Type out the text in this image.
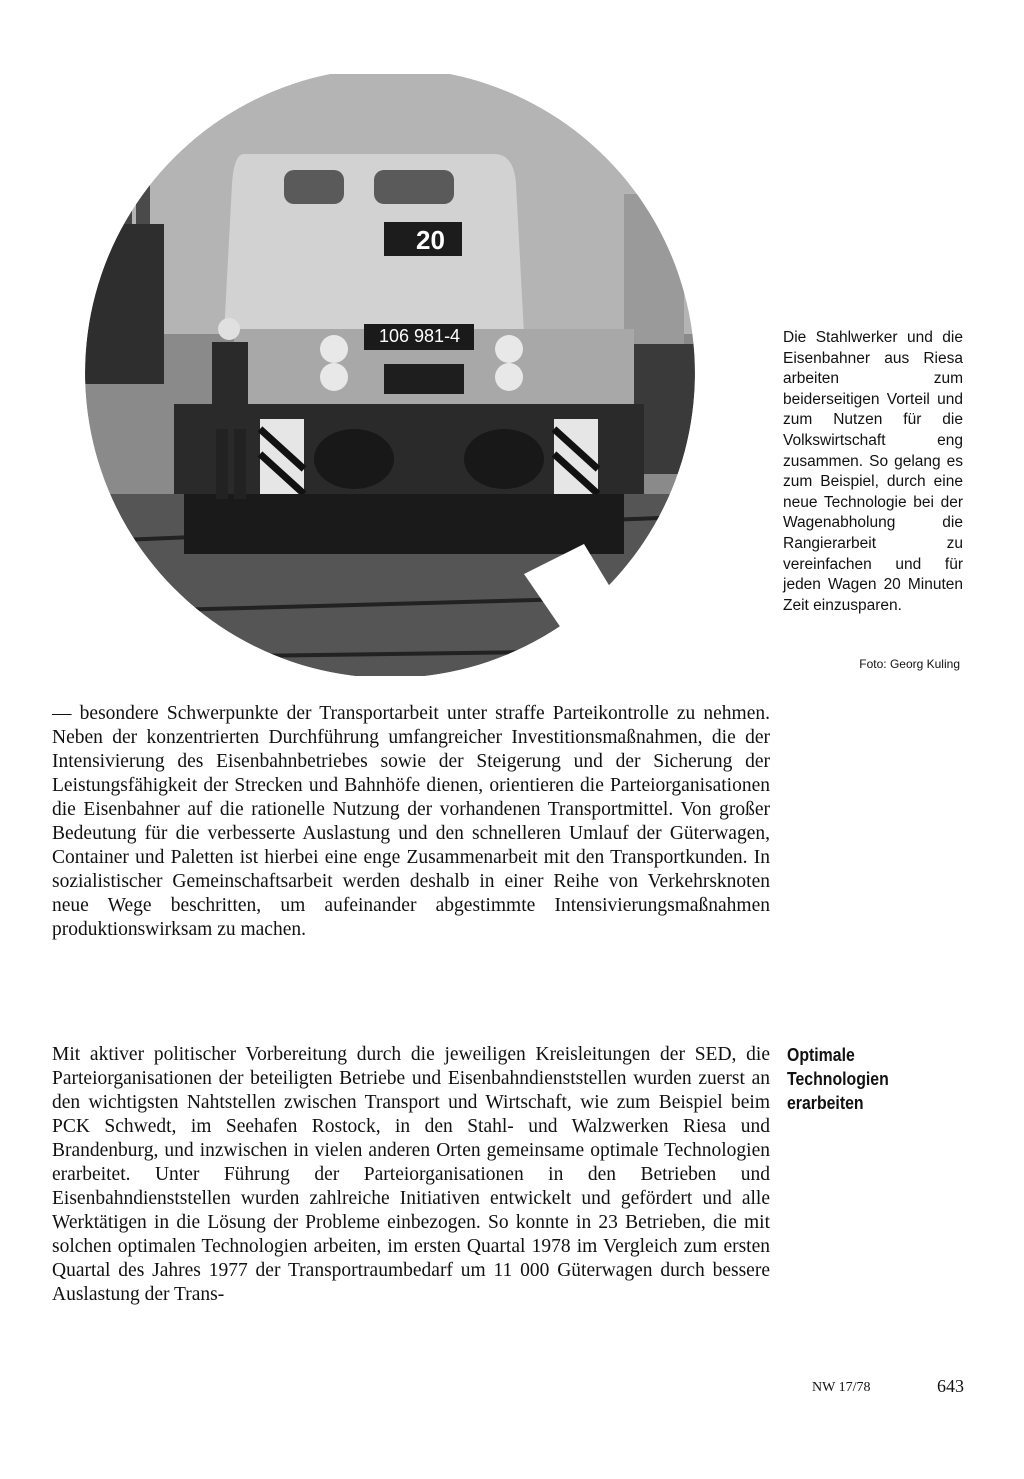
106 981-4
20

Die Stahlwerker und die Eisenbahner aus Riesa arbeiten zum beiderseitigen Vorteil und zum Nutzen für die Volkswirtschaft eng zusammen. So gelang es zum Beispiel, durch eine neue Technologie bei der Wagenabholung die Rangierarbeit zu vereinfachen und für jeden Wagen 20 Minuten Zeit einzusparen.

Foto: Georg Kuling

— besondere Schwerpunkte der Transportarbeit unter straffe Parteikontrolle zu nehmen. Neben der konzentrierten Durchführung umfangreicher Investitionsmaßnahmen, die der Intensivierung des Eisenbahnbetriebes sowie der Steigerung und der Sicherung der Leistungsfähigkeit der Strecken und Bahnhöfe dienen, orientieren die Parteiorganisationen die Eisenbahner auf die rationelle Nutzung der vorhandenen Transportmittel. Von großer Bedeutung für die verbesserte Auslastung und den schnelleren Umlauf der Güterwagen, Container und Paletten ist hierbei eine enge Zusammenarbeit mit den Transportkunden. In sozialistischer Gemeinschaftsarbeit werden deshalb in einer Reihe von Verkehrsknoten neue Wege beschritten, um aufeinander abgestimmte Intensivierungsmaßnahmen produktionswirksam zu machen.

Optimale Technologien erarbeiten

Mit aktiver politischer Vorbereitung durch die jeweiligen Kreisleitungen der SED, die Parteiorganisationen der beteiligten Betriebe und Eisenbahndienststellen wurden zuerst an den wichtigsten Nahtstellen zwischen Transport und Wirtschaft, wie zum Beispiel beim PCK Schwedt, im Seehafen Rostock, in den Stahl- und Walzwerken Riesa und Brandenburg, und inzwischen in vielen anderen Orten gemeinsame optimale Technologien erarbeitet. Unter Führung der Parteiorganisationen in den Betrieben und Eisenbahndienststellen wurden zahlreiche Initiativen entwickelt und gefördert und alle Werktätigen in die Lösung der Probleme einbezogen. So konnte in 23 Betrieben, die mit solchen optimalen Technologien arbeiten, im ersten Quartal 1978 im Vergleich zum ersten Quartal des Jahres 1977 der Transportraumbedarf um 11 000 Güterwagen durch bessere Auslastung der Trans-

NW 17/78	643
